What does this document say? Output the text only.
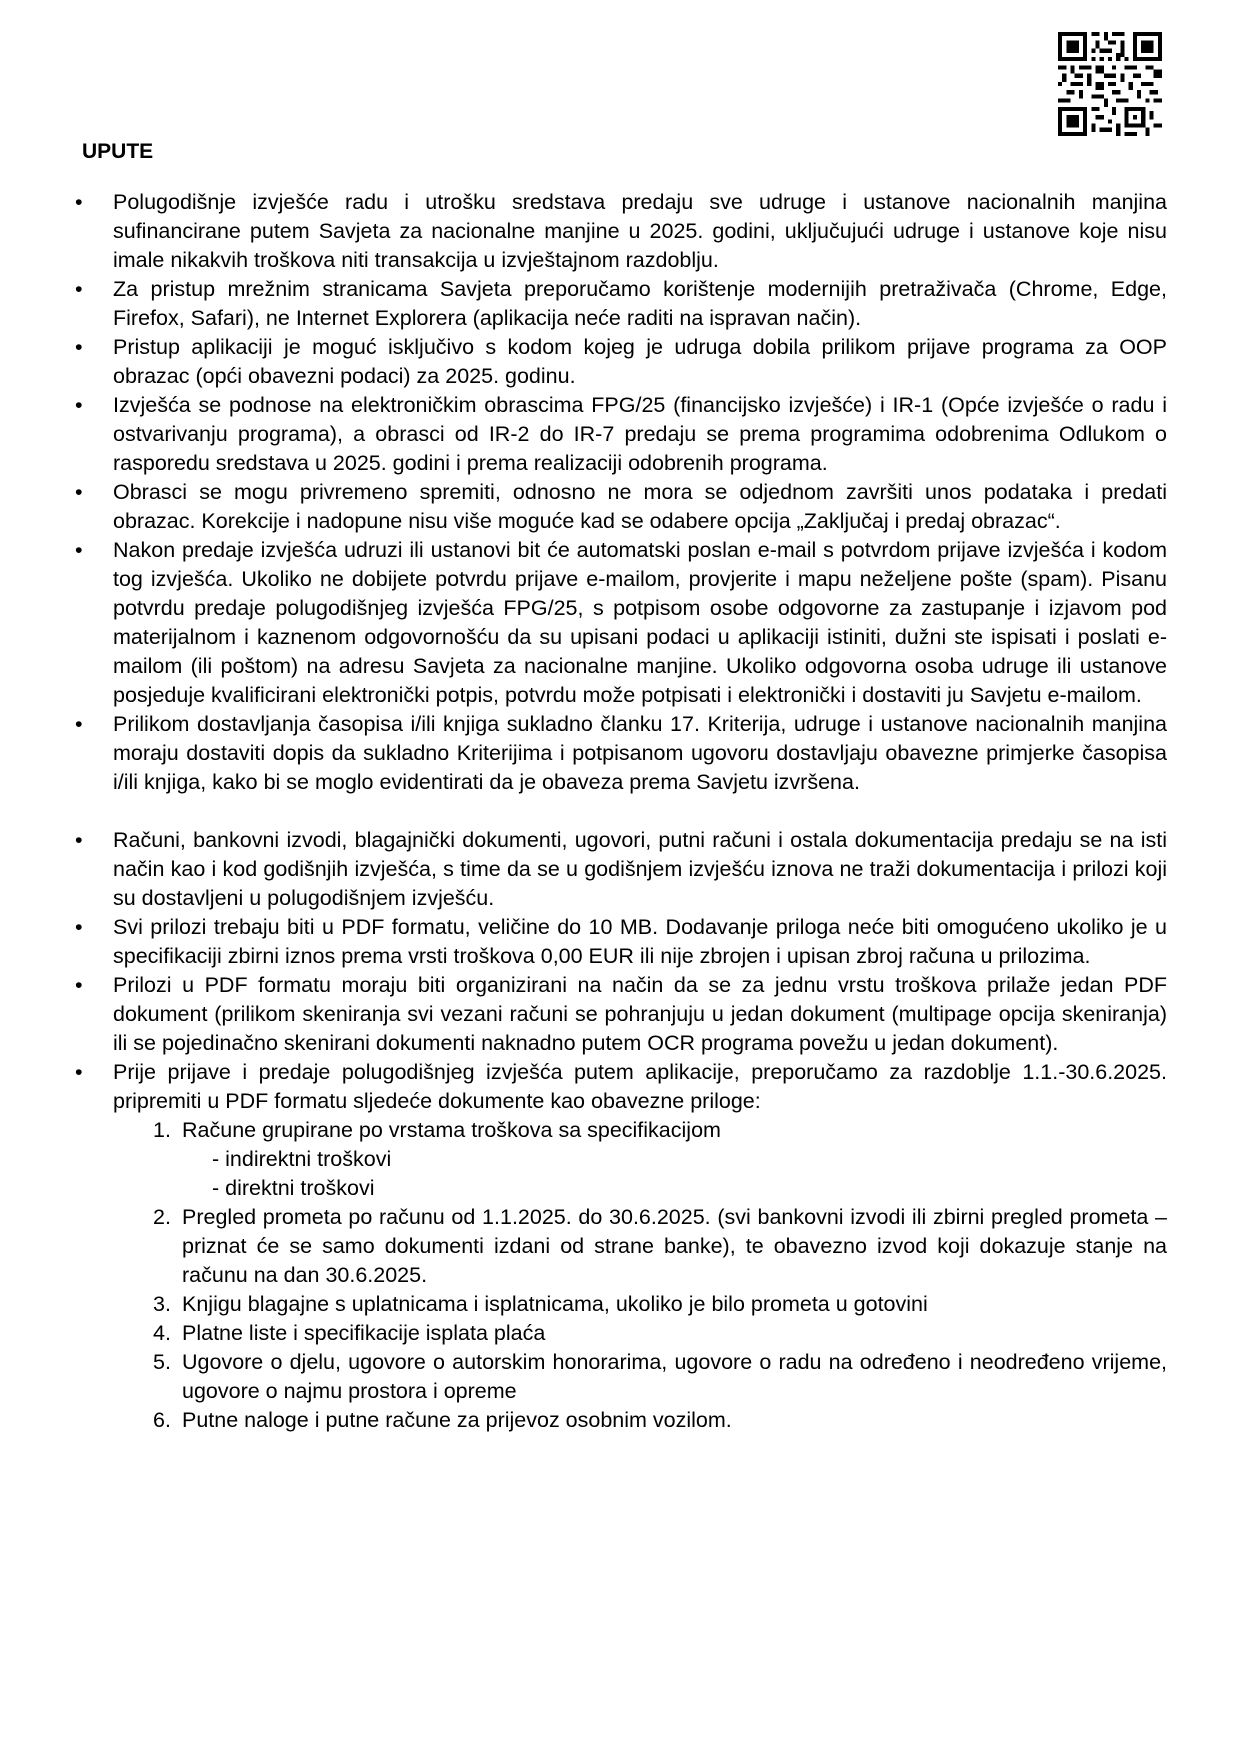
UPUTE
• Polugodišnje izvješće radu i utrošku sredstava predaju sve udruge i ustanove nacionalnih manjina sufinancirane putem Savjeta za nacionalne manjine u 2025. godini, uključujući udruge i ustanove koje nisu imale nikakvih troškova niti transakcija u izvještajnom razdoblju.
• Za pristup mrežnim stranicama Savjeta preporučamo korištenje modernijih pretraživača (Chrome, Edge, Firefox, Safari), ne Internet Explorera (aplikacija neće raditi na ispravan način).
• Pristup aplikaciji je moguć isključivo s kodom kojeg je udruga dobila prilikom prijave programa za OOP obrazac (opći obavezni podaci) za 2025. godinu.
• Izvješća se podnose na elektroničkim obrascima FPG/25 (financijsko izvješće) i IR-1 (Opće izvješće o radu i ostvarivanju programa), a obrasci od IR-2 do IR-7 predaju se prema programima odobrenima Odlukom o rasporedu sredstava u 2025. godini i prema realizaciji odobrenih programa.
• Obrasci se mogu privremeno spremiti, odnosno ne mora se odjednom završiti unos podataka i predati obrazac. Korekcije i nadopune nisu više moguće kad se odabere opcija „Zaključaj i predaj obrazac“.
• Nakon predaje izvješća udruzi ili ustanovi bit će automatski poslan e-mail s potvrdom prijave izvješća i kodom tog izvješća. Ukoliko ne dobijete potvrdu prijave e-mailom, provjerite i mapu neželjene pošte (spam). Pisanu potvrdu predaje polugodišnjeg izvješća FPG/25, s potpisom osobe odgovorne za zastupanje i izjavom pod materijalnom i kaznenom odgovornošću da su upisani podaci u aplikaciji istiniti, dužni ste ispisati i poslati e-mailom (ili poštom) na adresu Savjeta za nacionalne manjine. Ukoliko odgovorna osoba udruge ili ustanove posjeduje kvalificirani elektronički potpis, potvrdu može potpisati i elektronički i dostaviti ju Savjetu e-mailom.
• Prilikom dostavljanja časopisa i/ili knjiga sukladno članku 17. Kriterija, udruge i ustanove nacionalnih manjina moraju dostaviti dopis da sukladno Kriterijima i potpisanom ugovoru dostavljaju obavezne primjerke časopisa i/ili knjiga, kako bi se moglo evidentirati da je obaveza prema Savjetu izvršena.
• Računi, bankovni izvodi, blagajnički dokumenti, ugovori, putni računi i ostala dokumentacija predaju se na isti način kao i kod godišnjih izvješća, s time da se u godišnjem izvješću iznova ne traži dokumentacija i prilozi koji su dostavljeni u polugodišnjem izvješću.
• Svi prilozi trebaju biti u PDF formatu, veličine do 10 MB. Dodavanje priloga neće biti omogućeno ukoliko je u specifikaciji zbirni iznos prema vrsti troškova 0,00 EUR ili nije zbrojen i upisan zbroj računa u prilozima.
• Prilozi u PDF formatu moraju biti organizirani na način da se za jednu vrstu troškova prilaže jedan PDF dokument (prilikom skeniranja svi vezani računi se pohranjuju u jedan dokument (multipage opcija skeniranja) ili se pojedinačno skenirani dokumenti naknadno putem OCR programa povežu u jedan dokument).
• Prije prijave i predaje polugodišnjeg izvješća putem aplikacije, preporučamo za razdoblje 1.1.-30.6.2025. pripremiti u PDF formatu sljedeće dokumente kao obavezne priloge:
1. Račune grupirane po vrstama troškova sa specifikacijom
- indirektni troškovi
- direktni troškovi
2. Pregled prometa po računu od 1.1.2025. do 30.6.2025. (svi bankovni izvodi ili zbirni pregled prometa – priznat će se samo dokumenti izdani od strane banke), te obavezno izvod koji dokazuje stanje na računu na dan 30.6.2025.
3. Knjigu blagajne s uplatnicama i isplatnicama, ukoliko je bilo prometa u gotovini
4. Platne liste i specifikacije isplata plaća
5. Ugovore o djelu, ugovore o autorskim honorarima, ugovore o radu na određeno i neodređeno vrijeme, ugovore o najmu prostora i opreme
6. Putne naloge i putne račune za prijevoz osobnim vozilom.
